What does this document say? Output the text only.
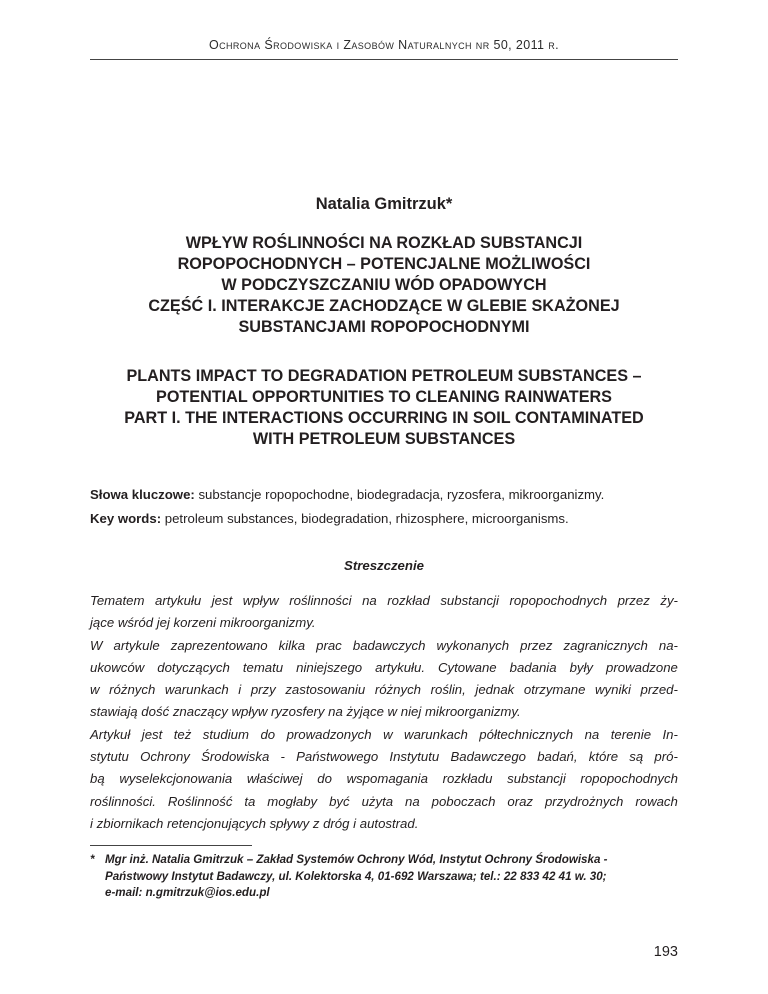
Ochrona Środowiska i Zasobów Naturalnych nr 50, 2011 r.
Natalia Gmitrzuk*
WPŁYW ROŚLINNOŚCI NA ROZKŁAD SUBSTANCJI
ROPOPOCHODNYCH – POTENCJALNE MOŻLIWOŚCI
W PODCZYSZCZANIU WÓD OPADOWYCH
CZĘŚĆ I. INTERAKCJE ZACHODZĄCE W GLEBIE SKAŻONEJ
SUBSTANCJAMI ROPOPOCHODNYMI
PLANTS IMPACT TO DEGRADATION PETROLEUM SUBSTANCES –
POTENTIAL OPPORTUNITIES TO CLEANING RAINWATERS
PART I. THE INTERACTIONS OCCURRING IN SOIL CONTAMINATED
WITH PETROLEUM SUBSTANCES
Słowa kluczowe: substancje ropopochodne, biodegradacja, ryzosfera, mikroorganizmy.
Key words: petroleum substances, biodegradation, rhizosphere, microorganisms.
Streszczenie
Tematem artykułu jest wpływ roślinności na rozkład substancji ropopochodnych przez ży-
jące wśród jej korzeni mikroorganizmy.
W artykule zaprezentowano kilka prac badawczych wykonanych przez zagranicznych na-
ukowców dotyczących tematu niniejszego artykułu. Cytowane badania były prowadzone
w różnych warunkach i przy zastosowaniu różnych roślin, jednak otrzymane wyniki przed-
stawiają dość znaczący wpływ ryzosfery na żyjące w niej mikroorganizmy.
Artykuł jest też studium do prowadzonych w warunkach półtechnicznych na terenie In-
stytutu Ochrony Środowiska - Państwowego Instytutu Badawczego badań, które są pró-
bą wyselekcjonowania właściwej do wspomagania rozkładu substancji ropopochodnych
roślinności. Roślinność ta mogłaby być użyta na poboczach oraz przydrożnych rowach
i zbiornikach retencjonujących spływy z dróg i autostrad.
* Mgr inż. Natalia Gmitrzuk – Zakład Systemów Ochrony Wód, Instytut Ochrony Środowiska -
Państwowy Instytut Badawczy, ul. Kolektorska 4, 01-692 Warszawa; tel.: 22 833 42 41 w. 30;
e-mail: n.gmitrzuk@ios.edu.pl
193
